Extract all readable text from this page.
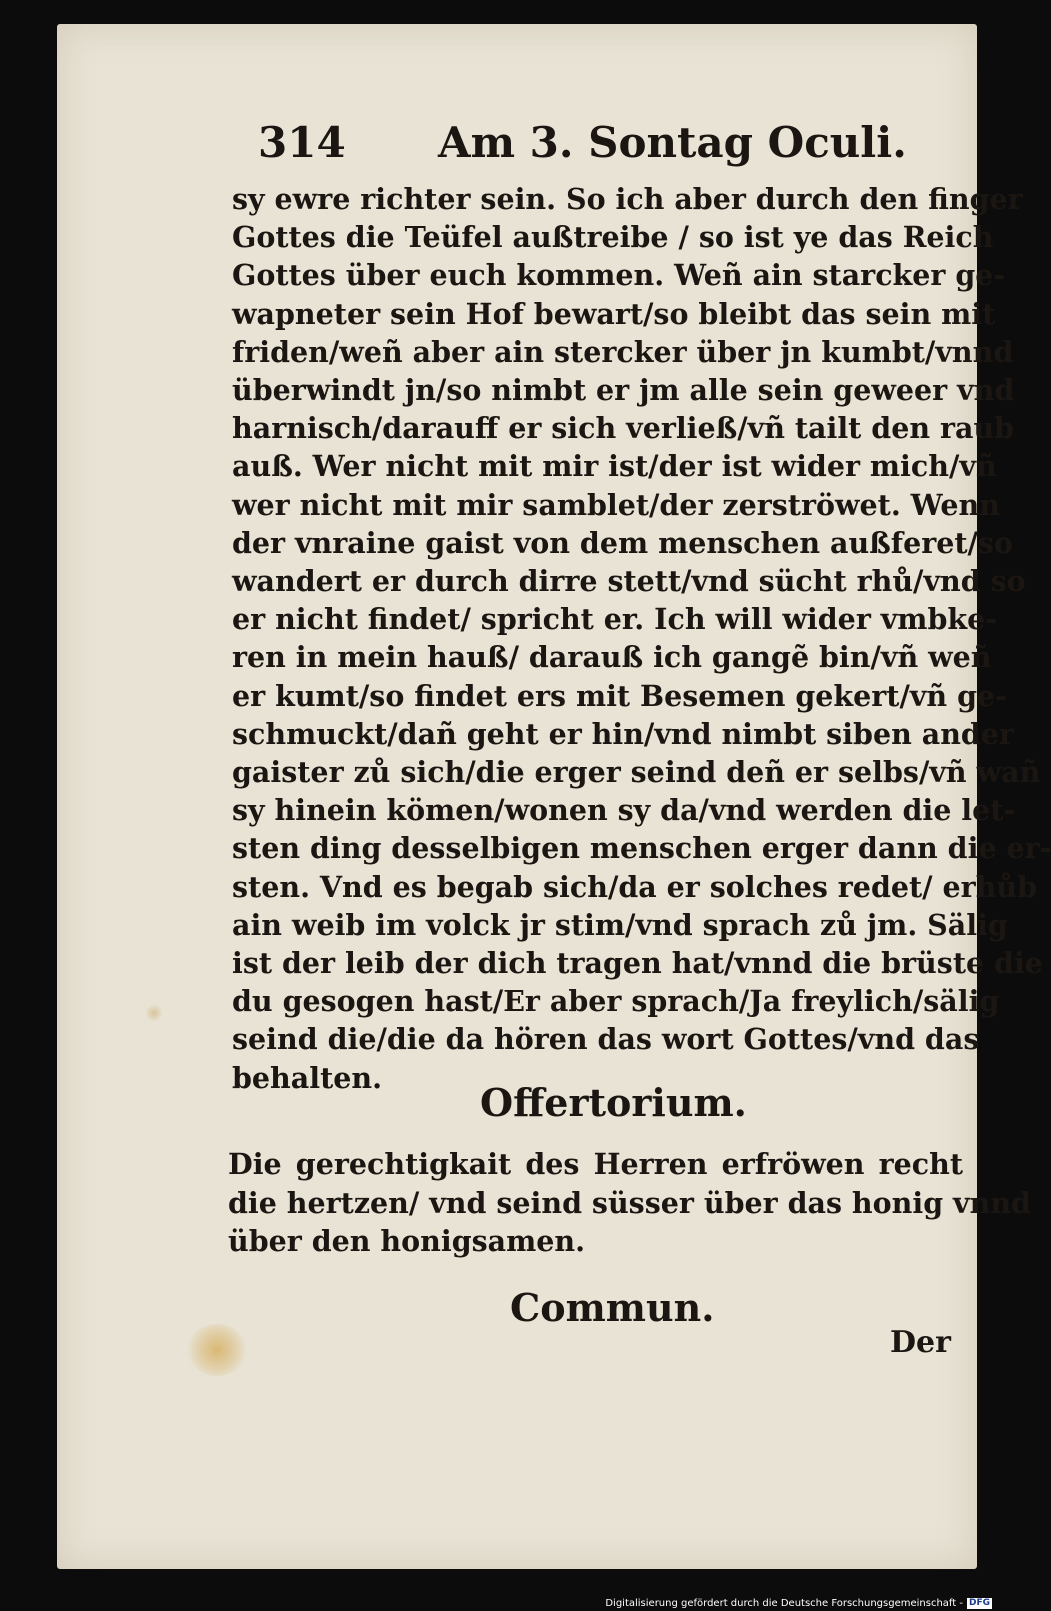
314 Am 3. Sontag Oculi.
sy ewre richter sein. So ich aber durch den finger
Gottes die Teüfel außtreibe / so ist ye das Reich
Gottes über euch kommen. Weñ ain starcker ge-
wapneter sein Hof bewart/so bleibt das sein mit
friden/weñ aber ain stercker über jn kumbt/vnnd
überwindt jn/so nimbt er jm alle sein geweer vnd
harnisch/darauff er sich verließ/vñ tailt den raub
auß. Wer nicht mit mir ist/der ist wider mich/vñ
wer nicht mit mir samblet/der zerströwet. Wenn
der vnraine gaist von dem menschen außferet/so
wandert er durch dirre stett/vnd sücht rhů/vnd so
er nicht findet/ spricht er. Ich will wider vmbke-
ren in mein hauß/ darauß ich gangẽ bin/vñ weñ
er kumt/so findet ers mit Besemen gekert/vñ ge-
schmuckt/dañ geht er hin/vnd nimbt siben ander
gaister zů sich/die erger seind deñ er selbs/vñ wañ
sy hinein kömen/wonen sy da/vnd werden die let-
sten ding desselbigen menschen erger dann die er-
sten. Vnd es begab sich/da er solches redet/ erhůb
ain weib im volck jr stim/vnd sprach zů jm. Sälig
ist der leib der dich tragen hat/vnnd die brüste die
du gesogen hast/Er aber sprach/Ja freylich/sälig
seind die/die da hören das wort Gottes/vnd das
behalten.
Offertorium.
Die gerechtigkait des Herren erfröwen recht
die hertzen/ vnd seind süsser über das honig vnnd
über den honigsamen.
Commun.
Der
Digitalisierung gefördert durch die Deutsche Forschungsgemeinschaft - DFG
